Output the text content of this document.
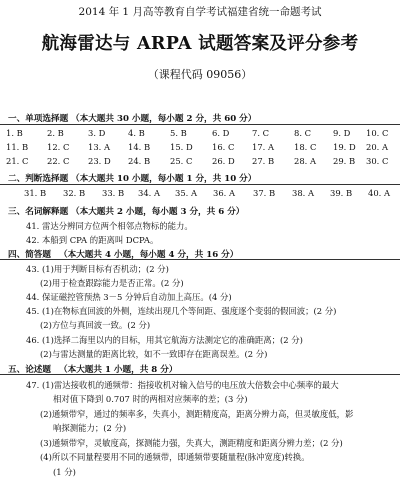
2014 年 1 月高等教育自学考试福建省统一命题考试
航海雷达与 ARPA 试题答案及评分参考
（课程代码 09056）
一、单项选择题 （本大题共 30 小题，每小题 2 分，共 60 分）
1. B	2. B	3. D	4. B	5. B	6. D	7. C	8. C	9. D 10. C
11. B 12. C 13. A 14. B 15. D 16. C 17. A 18. C 19. D 20. A
21. C 22. C 23. D 24. B 25. C 26. D 27. B 28. A 29. B 30. C
二、判断选择题 （本大题共 10 小题，每小题 1 分，共 10 分）
31. B 32. B 33. B 34. A 35. A 36. A 37. B 38. A 39. B 40. A
三、名词解释题 （本大题共 2 小题，每小题 3 分，共 6 分）
41. 雷达分辨同方位两个相邻点物标的能力。
42. 本船到 CPA 的距离叫 DCPA。
四、简答题 （本大题共 4 小题，每小题 4 分，共 16 分）
43. (1)用于判断目标有否机动；(2 分)
(2)用于检查跟踪能力是否正常。(2 分)
44. 保证磁控管预热 3－5 分钟后自动加上高压。(4 分)
45. (1)在物标直回波的外侧，连续出现几个等间距、强度逐个变弱的假回波；(2 分)
(2)方位与真回波一致。(2 分)
46. (1)选择二海里以内的目标，用其它航海方法测定它的准确距离；(2 分)
(2)与雷达测量的距离比较，如不一致即存在距离误差。(2 分)
五、论述题 （本大题共 1 小题，共 8 分）
47. (1)雷达接收机的通频带：指接收机对输入信号的电压放大倍数会中心频率的最大
相对值下降到 0.707 时的两相对应频率的差；(3 分)
(2)通频带窄，通过的频率多，失真小，测距精度高，距离分辨力高，但灵敏度低，影
响探测能力；(2 分)
(3)通频带窄，灵敏度高，探测能力强，失真大，测距精度和距离分辨力差；(2 分)
(4)所以不同量程要用不同的通频带，即通频带要随量程(脉冲宽度)转换。
(1 分)
